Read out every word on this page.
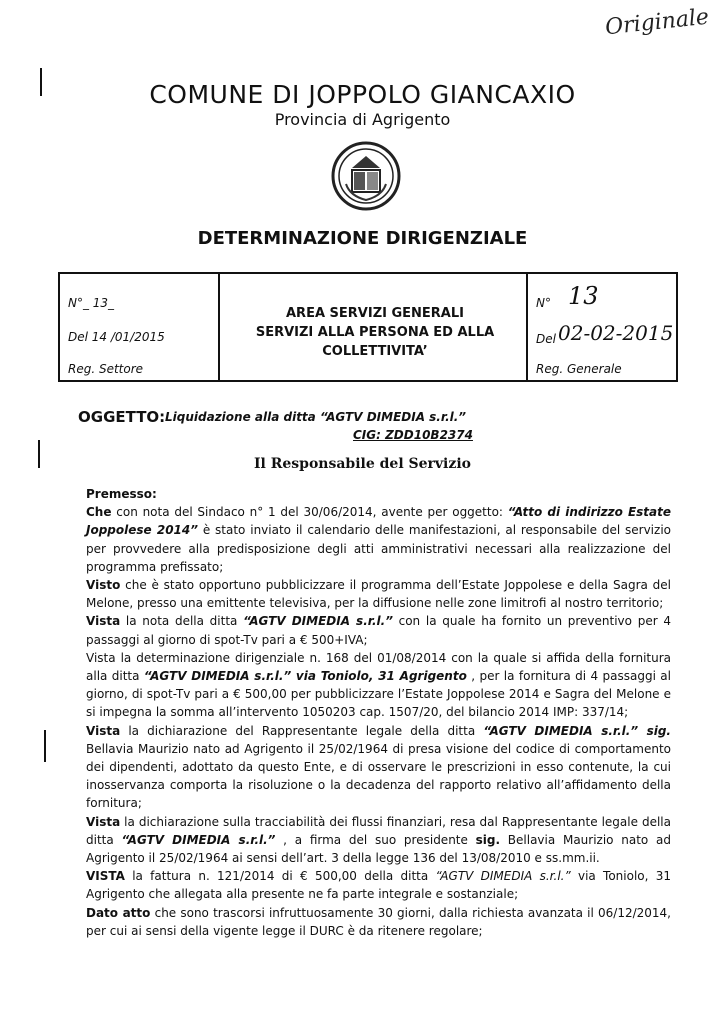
Originale
COMUNE DI JOPPOLO GIANCAXIO
Provincia di Agrigento
DETERMINAZIONE DIRIGENZIALE
N°_ 13_
Del 14 /01/2015
Reg. Settore
AREA SERVIZI GENERALI
SERVIZI ALLA PERSONA ED ALLA
COLLETTIVITA’
N° 13
Del 02-02-2015
Reg. Generale
OGGETTO: Liquidazione alla ditta “AGTV DIMEDIA s.r.l.”
CIG: ZDD10B2374
Il Responsabile del Servizio

Premesso:

Che con nota del Sindaco n° 1 del 30/06/2014, avente per oggetto: “Atto di indirizzo Estate Joppolese 2014” è stato inviato il calendario delle manifestazioni, al responsabile del servizio per provvedere alla predisposizione degli atti amministrativi necessari alla realizzazione del programma prefissato;

Visto che è stato opportuno pubblicizzare il programma dell’Estate Joppolese e della Sagra del Melone, presso una emittente televisiva, per la diffusione nelle zone limitrofi al nostro territorio;

Vista la nota della ditta “AGTV DIMEDIA s.r.l.” con la quale ha fornito un preventivo per 4 passaggi al giorno di spot-Tv pari a € 500+IVA;

Vista la determinazione dirigenziale n. 168 del 01/08/2014 con la quale si affida della fornitura alla ditta “AGTV DIMEDIA s.r.l.” via Toniolo, 31 Agrigento , per la fornitura di 4 passaggi al giorno, di spot-Tv pari a € 500,00 per pubblicizzare l’Estate Joppolese 2014 e Sagra del Melone e si impegna la somma all’intervento 1050203 cap. 1507/20, del bilancio 2014 IMP: 337/14;

Vista la dichiarazione del Rappresentante legale della ditta “AGTV DIMEDIA s.r.l.” sig. Bellavia Maurizio nato ad Agrigento il 25/02/1964 di presa visione del codice di comportamento dei dipendenti, adottato da questo Ente, e di osservare le prescrizioni in esso contenute, la cui inosservanza comporta la risoluzione o la decadenza del rapporto relativo all’affidamento della fornitura;

Vista la dichiarazione sulla tracciabilità dei flussi finanziari, resa dal Rappresentante legale della ditta “AGTV DIMEDIA s.r.l.” , a firma del suo presidente sig. Bellavia Maurizio nato ad Agrigento il 25/02/1964 ai sensi dell’art. 3 della legge 136 del 13/08/2010 e ss.mm.ii.

VISTA la fattura n. 121/2014 di € 500,00 della ditta “AGTV DIMEDIA s.r.l.” via Toniolo, 31 Agrigento che allegata alla presente ne fa parte integrale e sostanziale;

Dato atto che sono trascorsi infruttuosamente 30 giorni, dalla richiesta avanzata il 06/12/2014, per cui ai sensi della vigente legge il DURC è da ritenere regolare;
